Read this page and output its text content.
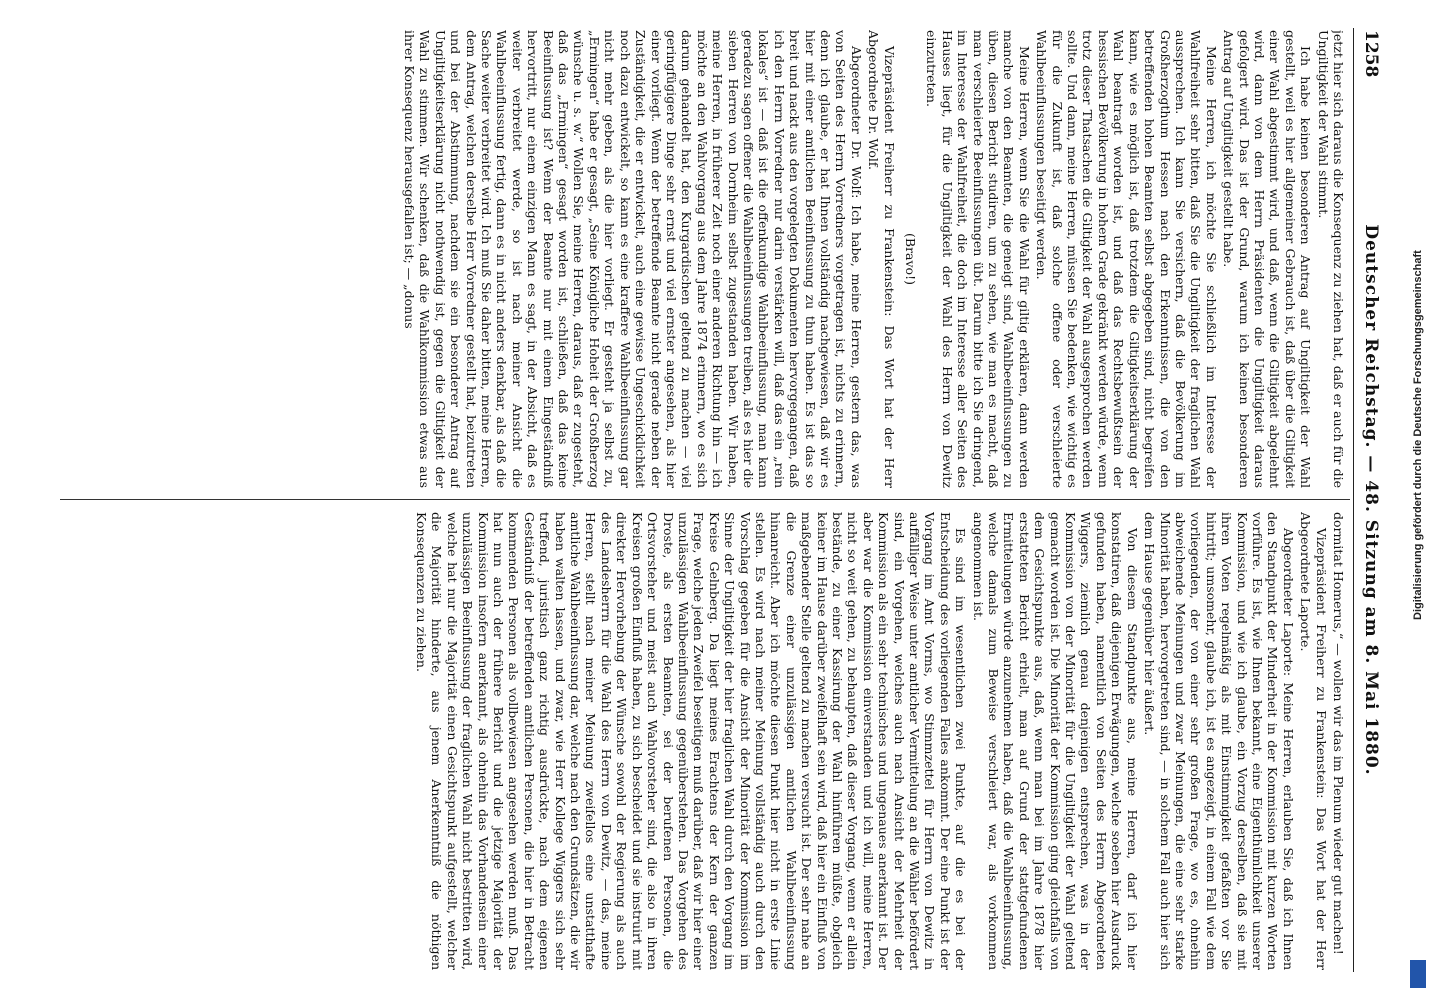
1258
Deutscher Reichstag. — 48. Sitzung am 8. Mai 1880.

jetzt hier sich daraus die Konsequenz zu ziehen hat, daß er auch für die Ungiltigkeit der Wahl stimmt.

Ich habe keinen besonderen Antrag auf Ungiltigkeit der Wahl gestellt, weil es hier allgemeiner Gebrauch ist, daß über die Giltigkeit einer Wahl abgestimmt wird, und daß, wenn die Giltigkeit abgelehnt wird, dann von dem Herrn Präsidenten die Ungiltigkeit daraus gefolgert wird. Das ist der Grund, warum ich keinen besonderen Antrag auf Ungiltigkeit gestellt habe.

Meine Herren, ich möchte Sie schließlich im Interesse der Wahlfreiheit sehr bitten, daß Sie die Ungiltigkeit der fraglichen Wahl aussprechen. Ich kann Sie versichern, daß die Bevölkerung im Großherzogthum Hessen nach den Erkenntnissen, die von den betreffenden hohen Beamten selbst abgegeben sind, nicht begreifen kann, wie es möglich ist, daß trotzdem die Giltigkeitserklärung der Wahl beantragt worden ist, und daß das Rechtsbewußtsein der hessischen Bevölkerung in hohem Grade gekränkt werden würde, wenn trotz dieser Thatsachen die Giltigkeit der Wahl ausgesprochen werden sollte. Und dann, meine Herren, müssen Sie bedenken, wie wichtig es für die Zukunft ist, daß solche offene oder verschleierte Wahlbeeinflussungen beseitigt werden.

Meine Herren, wenn Sie die Wahl für giltig erklären, dann werden manche von den Beamten, die geneigt sind, Wahlbeeinflussungen zu üben, diesen Bericht studiren, um zu sehen, wie man es macht, daß man verschleierte Beeinflussungen übt. Darum bitte ich Sie dringend, im Interesse der Wahlfreiheit, die doch im Interesse aller Seiten des Hauses liegt, für die Ungiltigkeit der Wahl des Herrn von Dewitz einzutreten.

(Bravo!)

Vizepräsident Freiherr zu Frankenstein: Das Wort hat der Herr Abgeordnete Dr. Wolf.

Abgeordneter Dr. Wolf: Ich habe, meine Herren, gestern das, was von Seiten des Herrn Vorredners vorgetragen ist, nichts zu erinnern, denn ich glaube, er hat Ihnen vollständig nachgewiesen, daß wir es hier mit einer amtlichen Beeinflussung zu thun haben. Es ist das so breit und nackt aus den vorgelegten Dokumenten hervorgegangen, daß ich den Herrn Vorredner nur darin verstärken will, daß das ein „rein lokales“ ist — daß ist die offenkundige Wahlbeeinflussung, man kann geradezu sagen offener die Wahlbeeinflussungen treiben, als es hier die sieben Herren von Dornheim selbst zugestanden haben. Wir haben, meine Herren, in früherer Zeit noch einer anderen Richtung hin — ich möchte an den Wahlvorgang aus dem Jahre 1874 erinnern, wo es sich darum gehandelt hat, den Kurgardischen geltend zu machen — viel geringfügigere Dinge sehr ernst und viel ernster angesehen, als hier einer vorliegt. Wenn der betreffende Beamte nicht gerade neben der Zuständigkeit, die er entwickelt, auch eine gewisse Ungeschicklichkeit noch dazu entwickelt, so kann es eine kraffere Wahlbeeinflussung gar nicht mehr geben, als die hier vorliegt. Er gesteht ja selbst zu, „Ermingen“ habe er gesagt, „Seine Königliche Hoheit der Großherzog wünsche u. s. w.“ Wollen Sie, meine Herren, daraus, daß er zugesteht, daß das „Ermingen“ gesagt worden ist, schließen, daß das keine Beeinflussung ist? Wenn der Beamte nur mit einem Eingeständniß hervortritt, nur einem einzigen Mann es sagt, in der Absicht, daß es weiter verbreitet werde, so ist nach meiner Ansicht die Wahlbeeinflussung fertig, dann es in nicht anders denkbar, als daß die Sache weiter verbreitet wird. Ich muß Sie daher bitten, meine Herren, dem Antrag, welchen derselbe Herr Vorredner gestellt hat, beizutreten und bei der Abstimmung, nachdem sie ein besonderer Antrag auf Ungiltigkeitserklärung nicht nothwendig ist, gegen die Giltigkeit der Wahl zu stimmen. Wir schenken, daß die Wahlkommission etwas aus ihrer Konsequenz herausgefallen ist; — „donus

dormitat Homerus,“ — wollen wir das im Plenum wieder gut machen!

Vizepräsident Freiherr zu Frankenstein: Das Wort hat der Herr Abgeordnete Laporte.

Abgeordneter Laporte: Meine Herren, erlauben Sie, daß ich Ihnen den Standpunkt der Minderheit in der Kommission mit kurzen Worten vorführe. Es ist, wie Ihnen bekannt, eine Eigenthümlichkeit unserer Kommission, und wie ich glaube, ein Vorzug derselben, daß sie mit ihren Voten regelmäßig als mit Einstimmigkeit gefaßten vor Sie hintritt; umsomehr, glaube ich, ist es angezeigt, in einem Fall wie dem vorliegenden, der von einer sehr großen Frage, wo es, ohnehin abweichende Meinungen und zwar Meinungen, die eine sehr starke Minorität haben, hervorgetreten sind, — in solchem Fall auch hier sich dem Hause gegenüber hier äußert.

Von diesem Standpunkte aus, meine Herren, darf ich hier konstatiren, daß diejenigen Erwägungen, welche soeben hier Ausdruck gefunden haben, namentlich von Seiten des Herrn Abgeordneten Wiggers, ziemlich genau denjenigen entsprechen, was in der Kommission von der Minorität für die Ungiltigkeit der Wahl geltend gemacht worden ist. Die Minorität der Kommission ging gleichfalls von dem Gesichtspunkte aus, daß, wenn man bei im Jahre 1878 hier erstatteten Bericht erhielt, man auf Grund der stattgefundenen Ermittelungen würde anzunehmen haben, daß die Wahlbeeinflussung, welche damals zum Beweise verschleiert war, als vorkommen angenommen ist.

Es sind im wesentlichen zwei Punkte, auf die es bei der Entscheidung des vorliegenden Falles ankommt. Der eine Punkt ist der Vorgang im Amt Vorms, wo Stimmzettel für Herrn von Dewitz in auffälliger Weise unter amtlicher Vermittelung an die Wähler befördert sind, ein Vorgehen, welches auch nach Ansicht der Mehrheit der Kommission als ein sehr technisches und ungenaues anerkannt ist. Der aber war die Kommission einverstanden und ich will, meine Herren, nicht so weit gehen, zu behaupten, daß dieser Vorgang, wenn er allein bestände, zu einer Kassirung der Wahl hinführen müßte, obgleich keiner im Hause darüber zweifelhaft sein wird, daß hier ein Einfluß von maßgebender Stelle geltend zu machen versucht ist. Der sehr nahe an die Grenze einer unzulässigen amtlichen Wahlbeeinflussung hinanreicht. Aber ich möchte diesen Punkt hier nicht in erste Linie stellen. Es wird nach meiner Meinung vollständig auch durch den Vorschlag gegeben für die Ansicht der Minorität der Kommission im Sinne der Ungiltigkeit der hier fraglichen Wahl durch den Vorgang im Kreise Gelnberg. Da liegt meines Erachtens der Kern der ganzen Frage, welche jeden Zweifel beseitigen muß darüber, daß wir hier einer unzulässigen Wahlbeeinflussung gegenüberstehen. Das Vorgehen des Droste, als ersten Beamten, sei der berufenen Personen, die Ortsvorsteher und meist auch Wahlvorsteher sind, die also in ihren Kreisen großen Einfluß haben, zu sich bescheidet und sie instruirt mit direkter Hervorhebung der Wünsche sowohl der Regierung als auch des Landesherrn für die Wahl des Herrn von Dewitz, — das, meine Herren, stellt nach meiner Meinung zweifellos eine unstatthafte amtliche Wahlbeeinflussung dar, welche nach den Grundsätzen, die wir haben walten lassen, und zwar, wie Herr Kollege Wiggers sich sehr treffend, juristisch ganz richtig ausdrückte, nach dem eigenen Geständniß der betreffenden amtlichen Personen, die hier in Betracht kommenden Personen als vollbewiesen angesehen werden muß. Das hat nun auch der frühere Bericht und die jetzige Majorität der Kommission insofern anerkannt, als ohnehin das Vorhandensein einer unzulässigen Beeinflussung der fraglichen Wahl nicht bestritten wird, welche hat nur die Majorität einen Gesichtspunkt aufgestellt, welcher die Majorität hinderte, aus jenem Anerkenntniß die nöthigen Konsequenzen zu ziehen.	Digitalisierung gefördert durch die Deutsche Forschungsgemeinschaft
